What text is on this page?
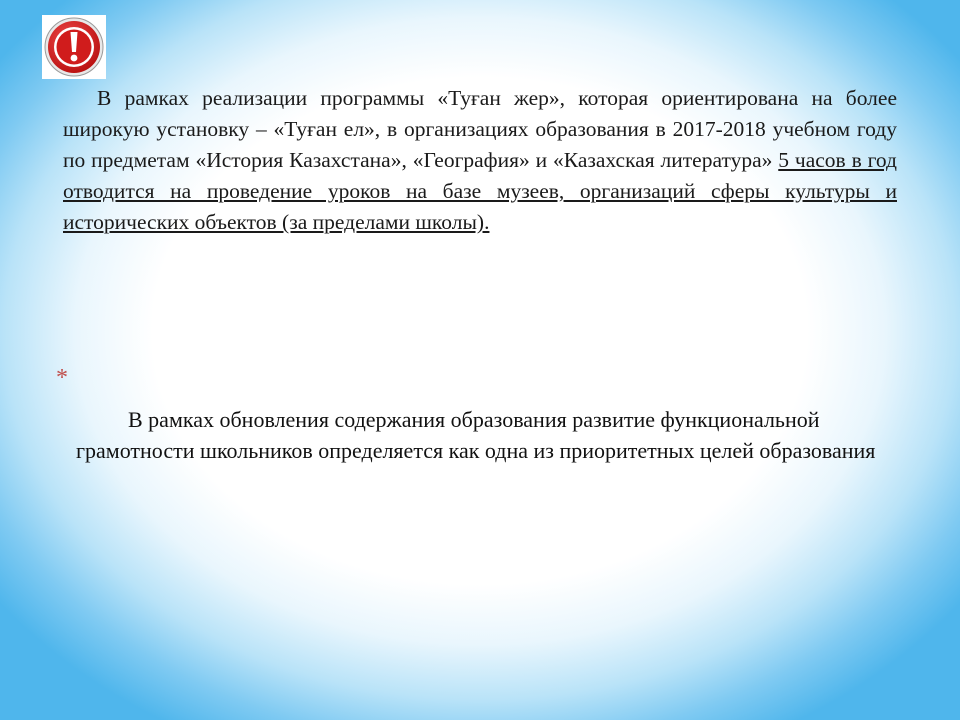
В рамках реализации программы «Туған жер», которая ориентирована на более широкую установку – «Туған ел», в организациях образования в 2017-2018 учебном году по предметам «История Казахстана», «География» и «Казахская литература» 5 часов в год отводится на проведение уроков на базе музеев, организаций сферы культуры и исторических объектов (за пределами школы).

*

В рамках обновления содержания образования развитие функциональной грамотности школьников определяется как одна из приоритетных целей образования
